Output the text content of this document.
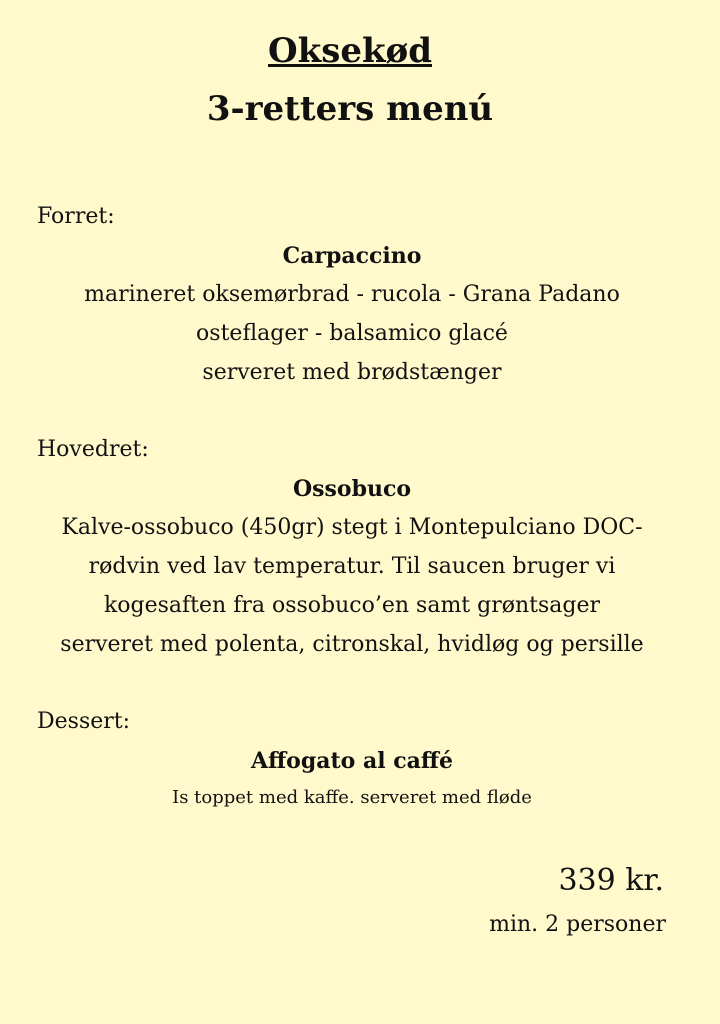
Oksekød
3-retters menú
Forret:
Carpaccino
marineret oksemørbrad - rucola - Grana Padano
osteflager - balsamico glacé
serveret med brødstænger
Hovedret:
Ossobuco
Kalve-ossobuco (450gr) stegt i Montepulciano DOC-
rødvin ved lav temperatur. Til saucen bruger vi
kogesaften fra ossobuco’en samt grøntsager
serveret med polenta, citronskal, hvidløg og persille
Dessert:
Affogato al caffé
Is toppet med kaffe. serveret med fløde
339 kr.
min. 2 personer
